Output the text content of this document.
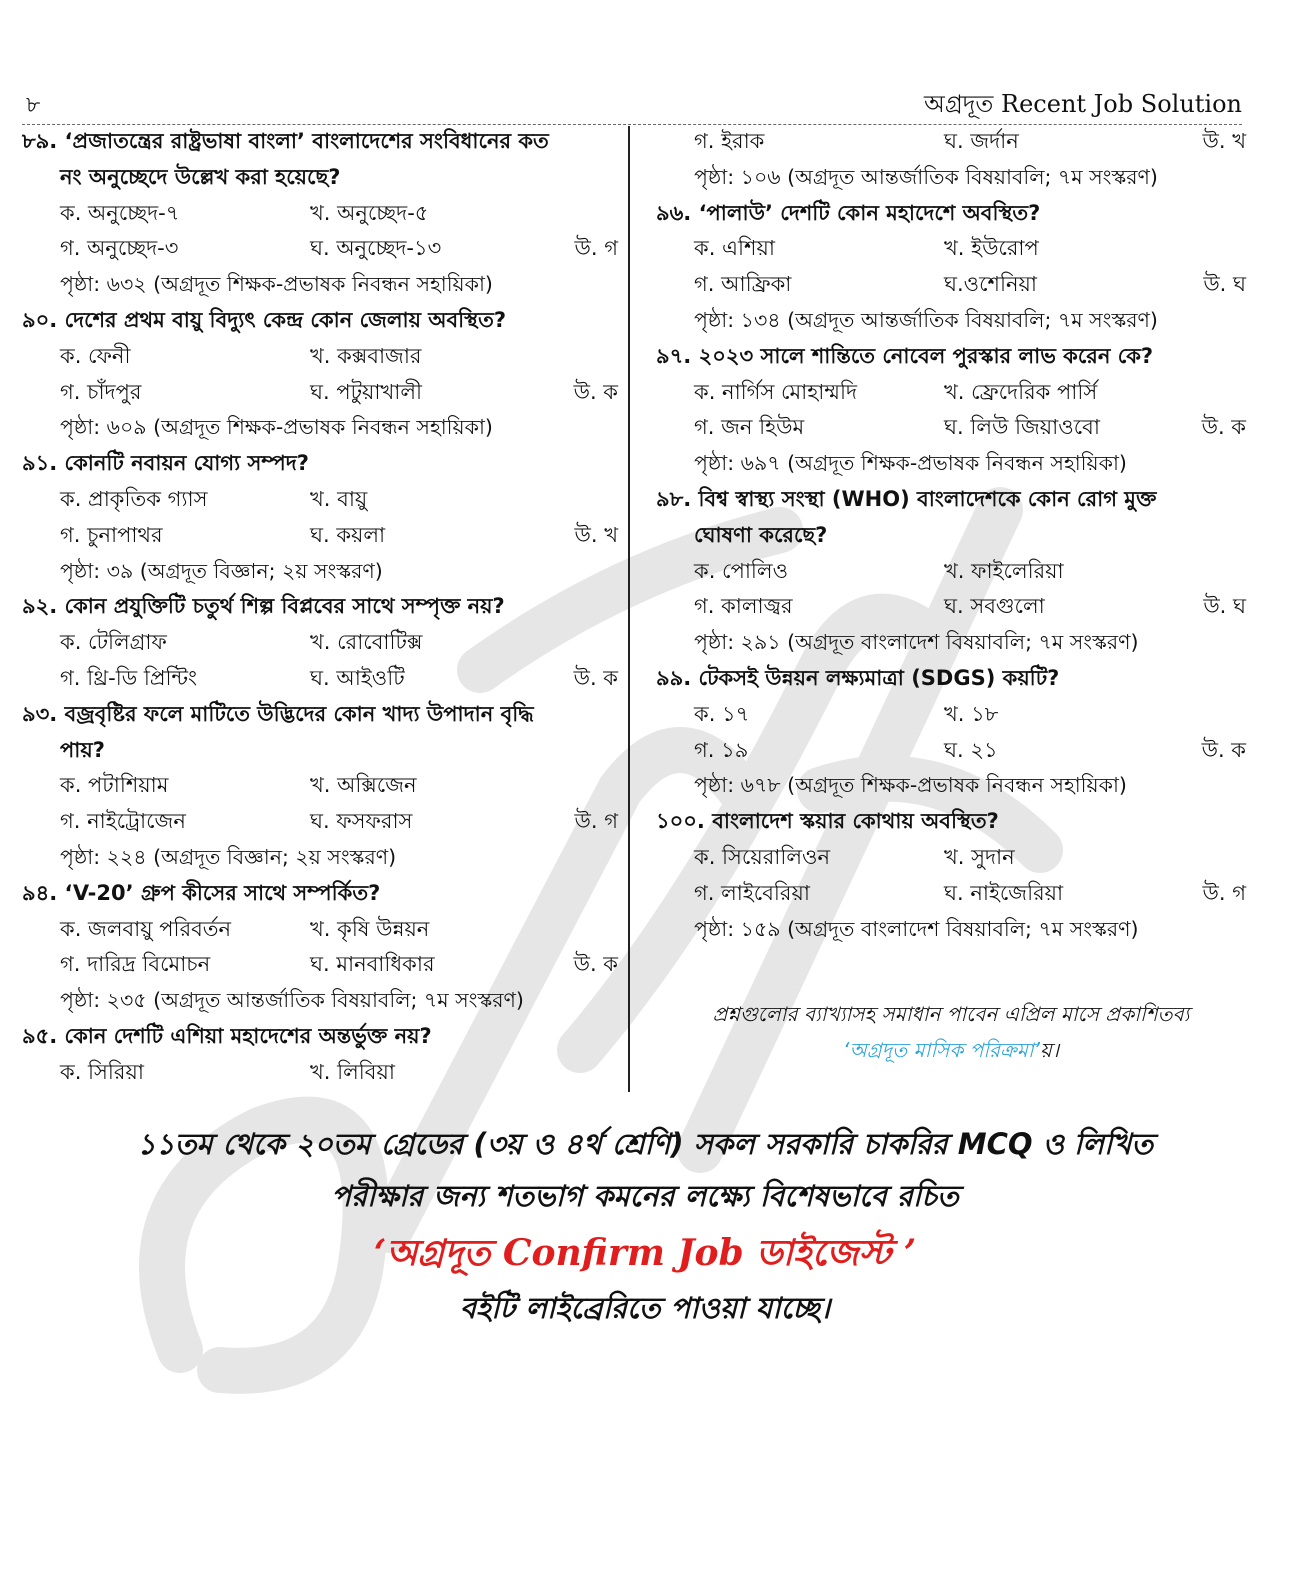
৮	অগ্রদূত Recent Job Solution
৮৯. ‘প্রজাতন্ত্রের রাষ্ট্রভাষা বাংলা’ বাংলাদেশের সংবিধানের কত
নং অনুচ্ছেদে উল্লেখ করা হয়েছে?
ক. অনুচ্ছেদ-৭	খ. অনুচ্ছেদ-৫
গ. অনুচ্ছেদ-৩	ঘ. অনুচ্ছেদ-১৩	উ. গ
পৃষ্ঠা: ৬৩২ (অগ্রদূত শিক্ষক-প্রভাষক নিবন্ধন সহায়িকা)
৯০. দেশের প্রথম বায়ু বিদ্যুৎ কেন্দ্র কোন জেলায় অবস্থিত?
ক. ফেনী	খ. কক্সবাজার
গ. চাঁদপুর	ঘ. পটুয়াখালী	উ. ক
পৃষ্ঠা: ৬০৯ (অগ্রদূত শিক্ষক-প্রভাষক নিবন্ধন সহায়িকা)
৯১. কোনটি নবায়ন যোগ্য সম্পদ?
ক. প্রাকৃতিক গ্যাস	খ. বায়ু
গ. চুনাপাথর	ঘ. কয়লা	উ. খ
পৃষ্ঠা: ৩৯ (অগ্রদূত বিজ্ঞান; ২য় সংস্করণ)
৯২. কোন প্রযুক্তিটি চতুর্থ শিল্প বিপ্লবের সাথে সম্পৃক্ত নয়?
ক. টেলিগ্রাফ	খ. রোবোটিক্স
গ. থ্রি-ডি প্রিন্টিং	ঘ. আইওটি	উ. ক
৯৩. বজ্রবৃষ্টির ফলে মাটিতে উদ্ভিদের কোন খাদ্য উপাদান বৃদ্ধি
পায়?
ক. পটাশিয়াম	খ. অক্সিজেন
গ. নাইট্রোজেন	ঘ. ফসফরাস	উ. গ
পৃষ্ঠা: ২২৪ (অগ্রদূত বিজ্ঞান; ২য় সংস্করণ)
৯৪. ‘V-20’ গ্রুপ কীসের সাথে সম্পর্কিত?
ক. জলবায়ু পরিবর্তন	খ. কৃষি উন্নয়ন
গ. দারিদ্র বিমোচন	ঘ. মানবাধিকার	উ. ক
পৃষ্ঠা: ২৩৫ (অগ্রদূত আন্তর্জাতিক বিষয়াবলি; ৭ম সংস্করণ)
৯৫. কোন দেশটি এশিয়া মহাদেশের অন্তর্ভুক্ত নয়?
ক. সিরিয়া	খ. লিবিয়া
গ. ইরাক	ঘ. জর্দান	উ. খ
পৃষ্ঠা: ১০৬ (অগ্রদূত আন্তর্জাতিক বিষয়াবলি; ৭ম সংস্করণ)
৯৬. ‘পালাউ’ দেশটি কোন মহাদেশে অবস্থিত?
ক. এশিয়া	খ. ইউরোপ
গ. আফ্রিকা	ঘ.ওশেনিয়া	উ. ঘ
পৃষ্ঠা: ১৩৪ (অগ্রদূত আন্তর্জাতিক বিষয়াবলি; ৭ম সংস্করণ)
৯৭. ২০২৩ সালে শান্তিতে নোবেল পুরস্কার লাভ করেন কে?
ক. নার্গিস মোহাম্মদি	খ. ফ্রেদেরিক পার্সি
গ. জন হিউম	ঘ. লিউ জিয়াওবো	উ. ক
পৃষ্ঠা: ৬৯৭ (অগ্রদূত শিক্ষক-প্রভাষক নিবন্ধন সহায়িকা)
৯৮. বিশ্ব স্বাস্থ্য সংস্থা (WHO) বাংলাদেশকে কোন রোগ মুক্ত
ঘোষণা করেছে?
ক. পোলিও	খ. ফাইলেরিয়া
গ. কালাজ্বর	ঘ. সবগুলো	উ. ঘ
পৃষ্ঠা: ২৯১ (অগ্রদূত বাংলাদেশ বিষয়াবলি; ৭ম সংস্করণ)
৯৯. টেকসই উন্নয়ন লক্ষ্যমাত্রা (SDGS) কয়টি?
ক. ১৭	খ. ১৮
গ. ১৯	ঘ. ২১	উ. ক
পৃষ্ঠা: ৬৭৮ (অগ্রদূত শিক্ষক-প্রভাষক নিবন্ধন সহায়িকা)
১০০. বাংলাদেশ স্কয়ার কোথায় অবস্থিত?
ক. সিয়েরালিওন	খ. সুদান
গ. লাইবেরিয়া	ঘ. নাইজেরিয়া	উ. গ
পৃষ্ঠা: ১৫৯ (অগ্রদূত বাংলাদেশ বিষয়াবলি; ৭ম সংস্করণ)
প্রশ্নগুলোর ব্যাখ্যাসহ সমাধান পাবেন এপ্রিল মাসে প্রকাশিতব্য
‘অগ্রদূত মাসিক পরিক্রমা’য়।
১১তম থেকে ২০তম গ্রেডের (৩য় ও ৪র্থ শ্রেণি) সকল সরকারি চাকরির MCQ ও লিখিত
পরীক্ষার জন্য শতভাগ কমনের লক্ষ্যে বিশেষভাবে রচিত
‘অগ্রদূত Confirm Job ডাইজেস্ট ’
বইটি লাইব্রেরিতে পাওয়া যাচ্ছে।
